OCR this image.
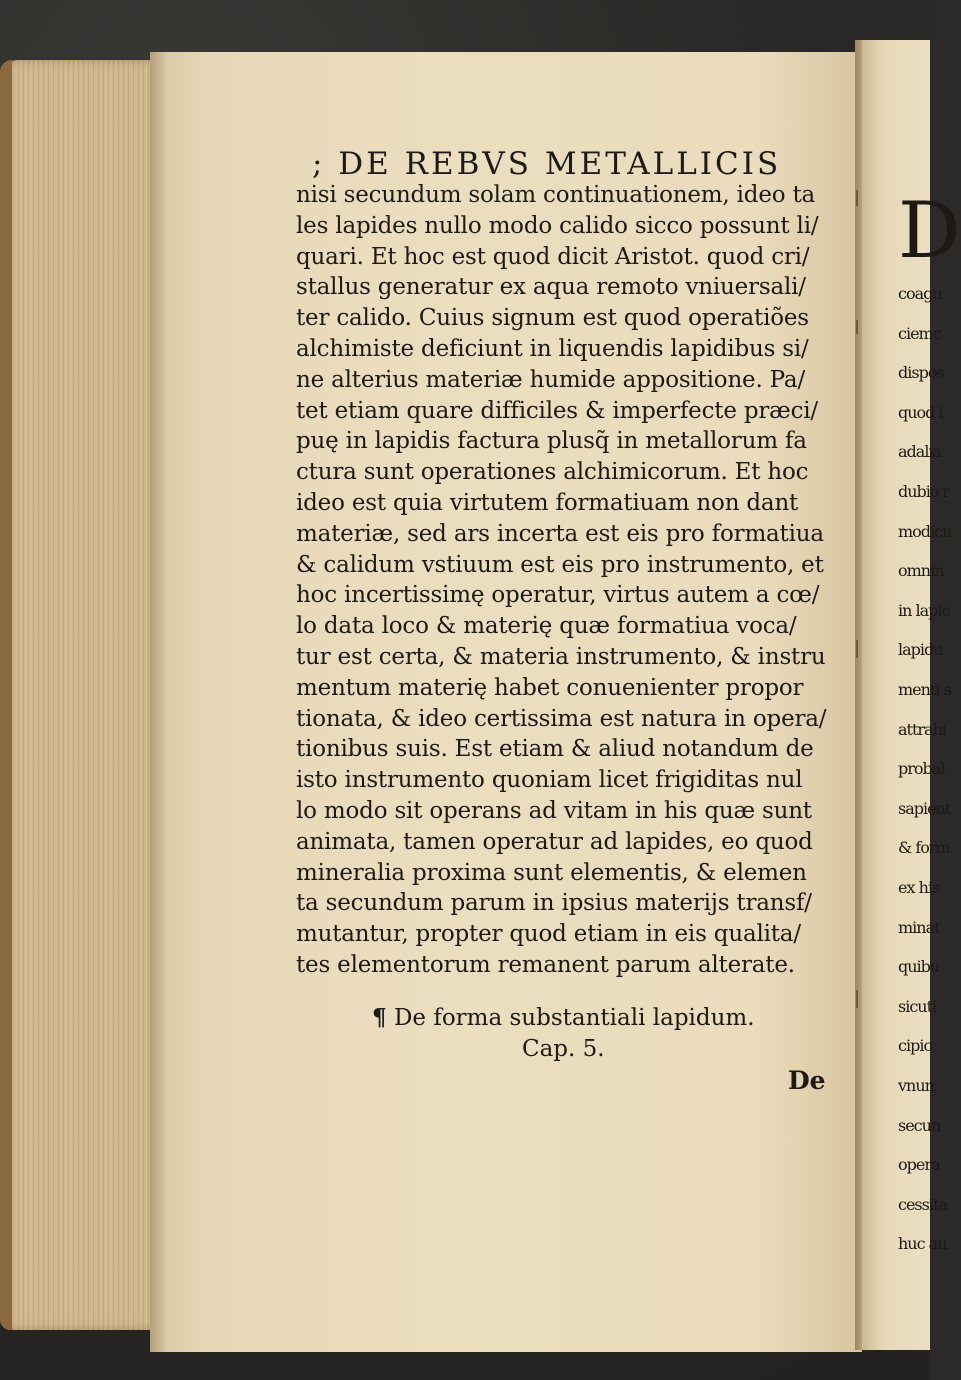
; DE REBVS METALLICIS
nisi secundum solam continuationem, ideo ta
les lapides nullo modo calido sicco possunt li/
quari. Et hoc est quod dicit Aristot. quod cri/
stallus generatur ex aqua remoto vniuersali/
ter calido. Cuius signum est quod operatiões
alchimiste deficiunt in liquendis lapidibus si/
ne alterius materiæ humide appositione. Pa/
tet etiam quare difficiles & imperfecte præci/
puę in lapidis factura plusq̃ in metallorum fa
ctura sunt operationes alchimicorum. Et hoc
ideo est quia virtutem formatiuam non dant
materiæ, sed ars incerta est eis pro formatiua
& calidum vstiuum est eis pro instrumento, et
hoc incertissimę operatur, virtus autem a cœ/
lo data loco & materię quæ formatiua voca/
tur est certa, & materia instrumento, & instru
mentum materię habet conuenienter propor
tionata, & ideo certissima est natura in opera/
tionibus suis. Est etiam & aliud notandum de
isto instrumento quoniam licet frigiditas nul
lo modo sit operans ad vitam in his quæ sunt
animata, tamen operatur ad lapides, eo quod
mineralia proxima sunt elementis, & elemen
ta secundum parum in ipsius materijs transf/
mutantur, propter quod etiam in eis qualita/
tes elementorum remanent parum alterate.
¶ De forma substantiali lapidum.
Cap. 5.
De
D
coagu
ciemc
dispos
quod i
adalia
dubio r
modicu
omnin
in lapic
lapidu
menti s
attrahi
probal
sapient
& form
ex his
minat
quibu
sicuti
cipio
vnun
secun
opera
cessita
huc au
